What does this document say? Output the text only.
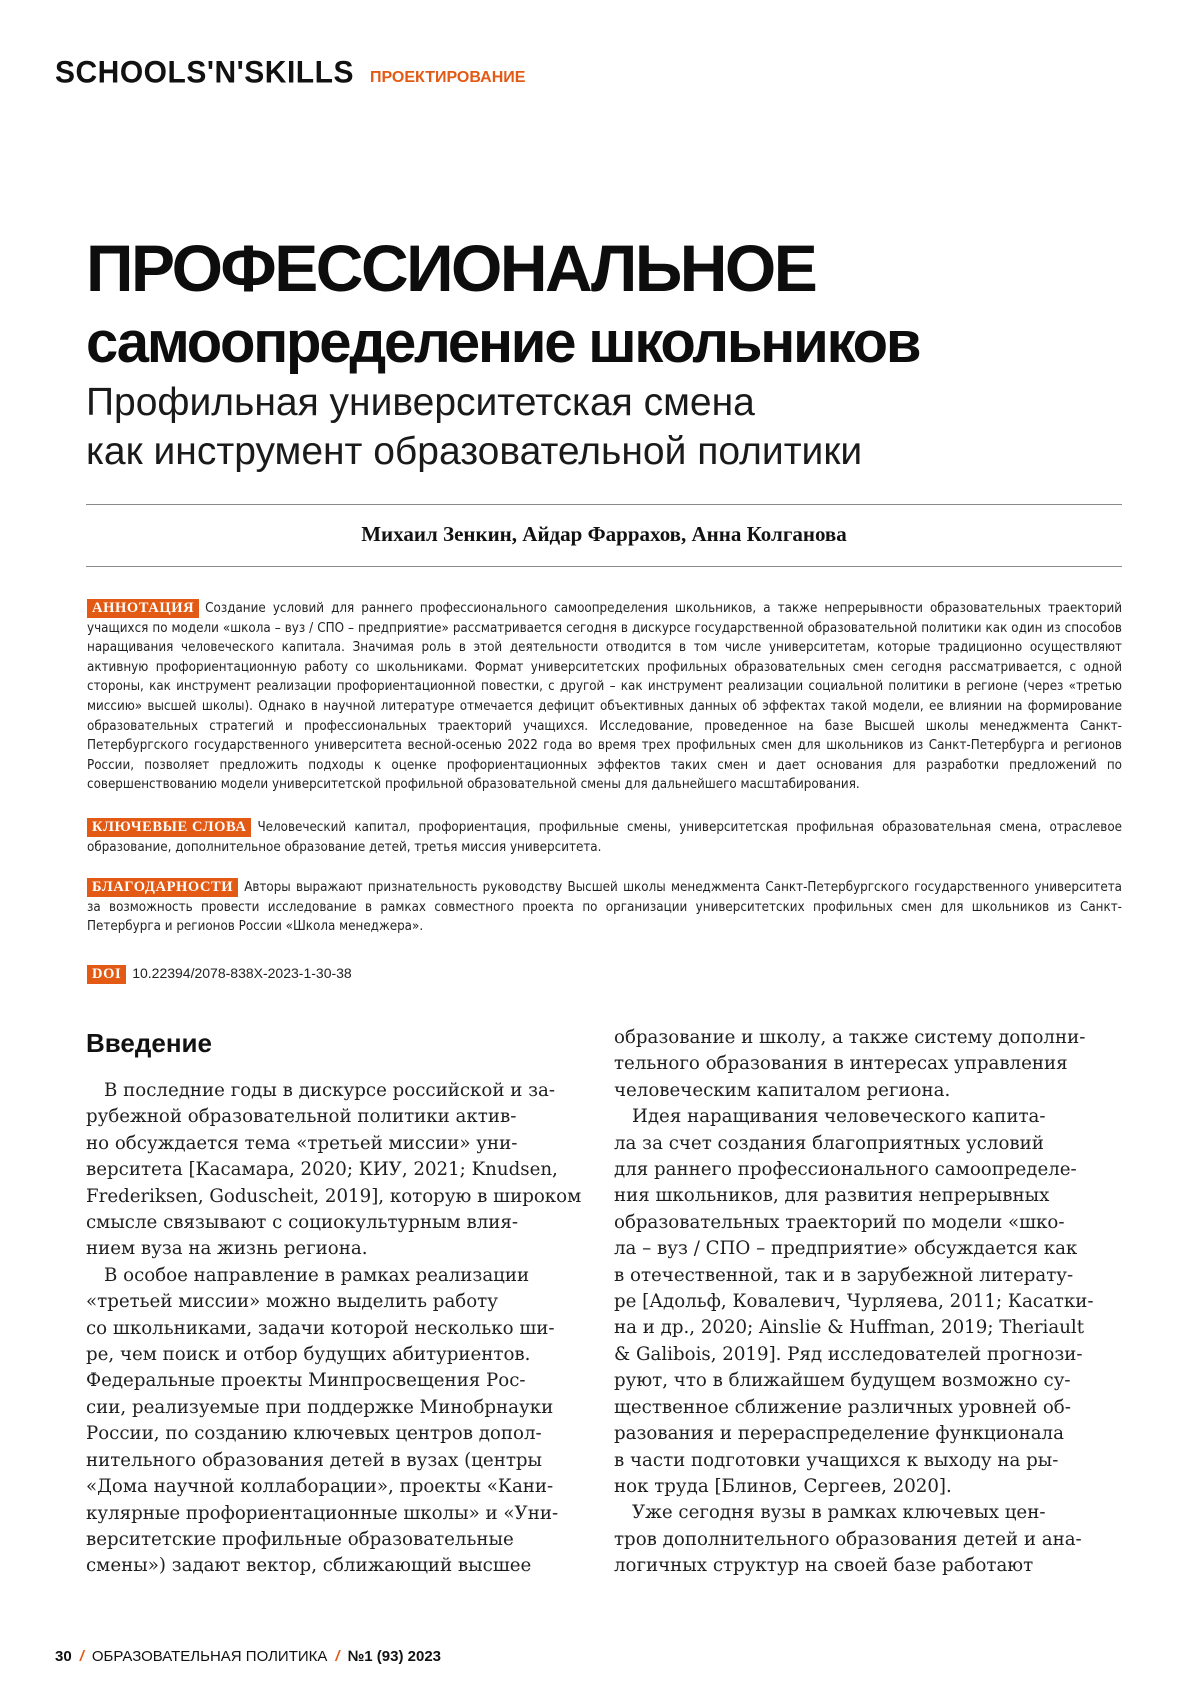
SCHOOLS'N'SKILLS ПРОЕКТИРОВАНИЕ
ПРОФЕССИОНАЛЬНОЕ
самоопределение школьников
Профильная университетская смена
как инструмент образовательной политики
Михаил Зенкин, Айдар Фаррахов, Анна Колганова
АННОТАЦИЯ Создание условий для раннего профессионального самоопределения школьников, а также непрерывности образовательных траекторий учащихся по модели «школа – вуз / СПО – предприятие» рассматривается сегодня в дискурсе государственной образовательной политики как один из способов наращивания человеческого капитала. Значимая роль в этой деятельности отводится в том числе университетам, которые традиционно осуществляют активную профориентационную работу со школьниками. Формат университетских профильных образовательных смен сегодня рассматривается, с одной стороны, как инструмент реализации профориентационной повестки, с другой – как инструмент реализации социальной политики в регионе (через «третью миссию» высшей школы). Однако в научной литературе отмечается дефицит объективных данных об эффектах такой модели, ее влиянии на формирование образовательных стратегий и профессиональных траекторий учащихся. Исследование, проведенное на базе Высшей школы менеджмента Санкт-Петербургского государственного университета весной-осенью 2022 года во время трех профильных смен для школьников из Санкт-Петербурга и регионов России, позволяет предложить подходы к оценке профориентационных эффектов таких смен и дает основания для разработки предложений по совершенствованию модели университетской профильной образовательной смены для дальнейшего масштабирования.
КЛЮЧЕВЫЕ СЛОВА Человеческий капитал, профориентация, профильные смены, университетская профильная образовательная смена, отраслевое образование, дополнительное образование детей, третья миссия университета.
БЛАГОДАРНОСТИ Авторы выражают признательность руководству Высшей школы менеджмента Санкт-Петербургского государственного университета за возможность провести исследование в рамках совместного проекта по организации университетских профильных смен для школьников из Санкт-Петербурга и регионов России «Школа менеджера».
DOI 10.22394/2078-838X-2023-1-30-38
Введение
В последние годы в дискурсе российской и за-
рубежной образовательной политики актив-
но обсуждается тема «третьей миссии» уни-
верситета [Касамара, 2020; КИУ, 2021; Knudsen,
Frederiksen, Goduscheit, 2019], которую в широком
смысле связывают с социокультурным влия-
нием вуза на жизнь региона.
В особое направление в рамках реализации
«третьей миссии» можно выделить работу
со школьниками, задачи которой несколько ши-
ре, чем поиск и отбор будущих абитуриентов.
Федеральные проекты Минпросвещения Рос-
сии, реализуемые при поддержке Минобрнауки
России, по созданию ключевых центров допол-
нительного образования детей в вузах (центры
«Дома научной коллаборации», проекты «Кани-
кулярные профориентационные школы» и «Уни-
верситетские профильные образовательные
смены») задают вектор, сближающий высшее
образование и школу, а также систему дополни-
тельного образования в интересах управления
человеческим капиталом региона.
Идея наращивания человеческого капита-
ла за счет создания благоприятных условий
для раннего профессионального самоопределе-
ния школьников, для развития непрерывных
образовательных траекторий по модели «шко-
ла – вуз / СПО – предприятие» обсуждается как
в отечественной, так и в зарубежной литерату-
ре [Адольф, Ковалевич, Чурляева, 2011; Касатки-
на и др., 2020; Ainslie & Huffman, 2019; Theriault
& Galibois, 2019]. Ряд исследователей прогнози-
руют, что в ближайшем будущем возможно су-
щественное сближение различных уровней об-
разования и перераспределение функционала
в части подготовки учащихся к выходу на ры-
нок труда [Блинов, Сергеев, 2020].
Уже сегодня вузы в рамках ключевых цен-
тров дополнительного образования детей и ана-
логичных структур на своей базе работают
30 / ОБРАЗОВАТЕЛЬНАЯ ПОЛИТИКА / №1 (93) 2023
